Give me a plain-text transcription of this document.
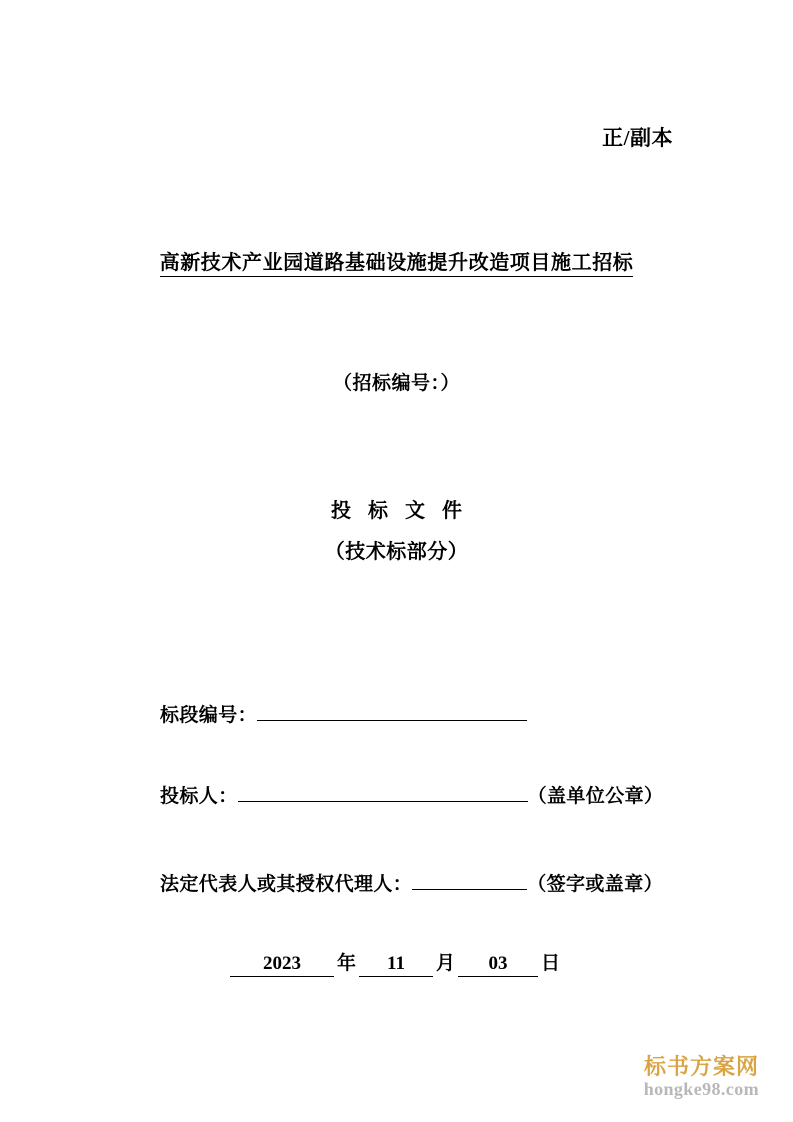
正/副本
高新技术产业园道路基础设施提升改造项目施工招标
（招标编号：）
投 标 文 件
（技术标部分）
标段编号：
投标人：	（盖单位公章）
法定代表人或其授权代理人：	（签字或盖章）
2023 年 11 月 03 日
标书方案网
hongke98.com
